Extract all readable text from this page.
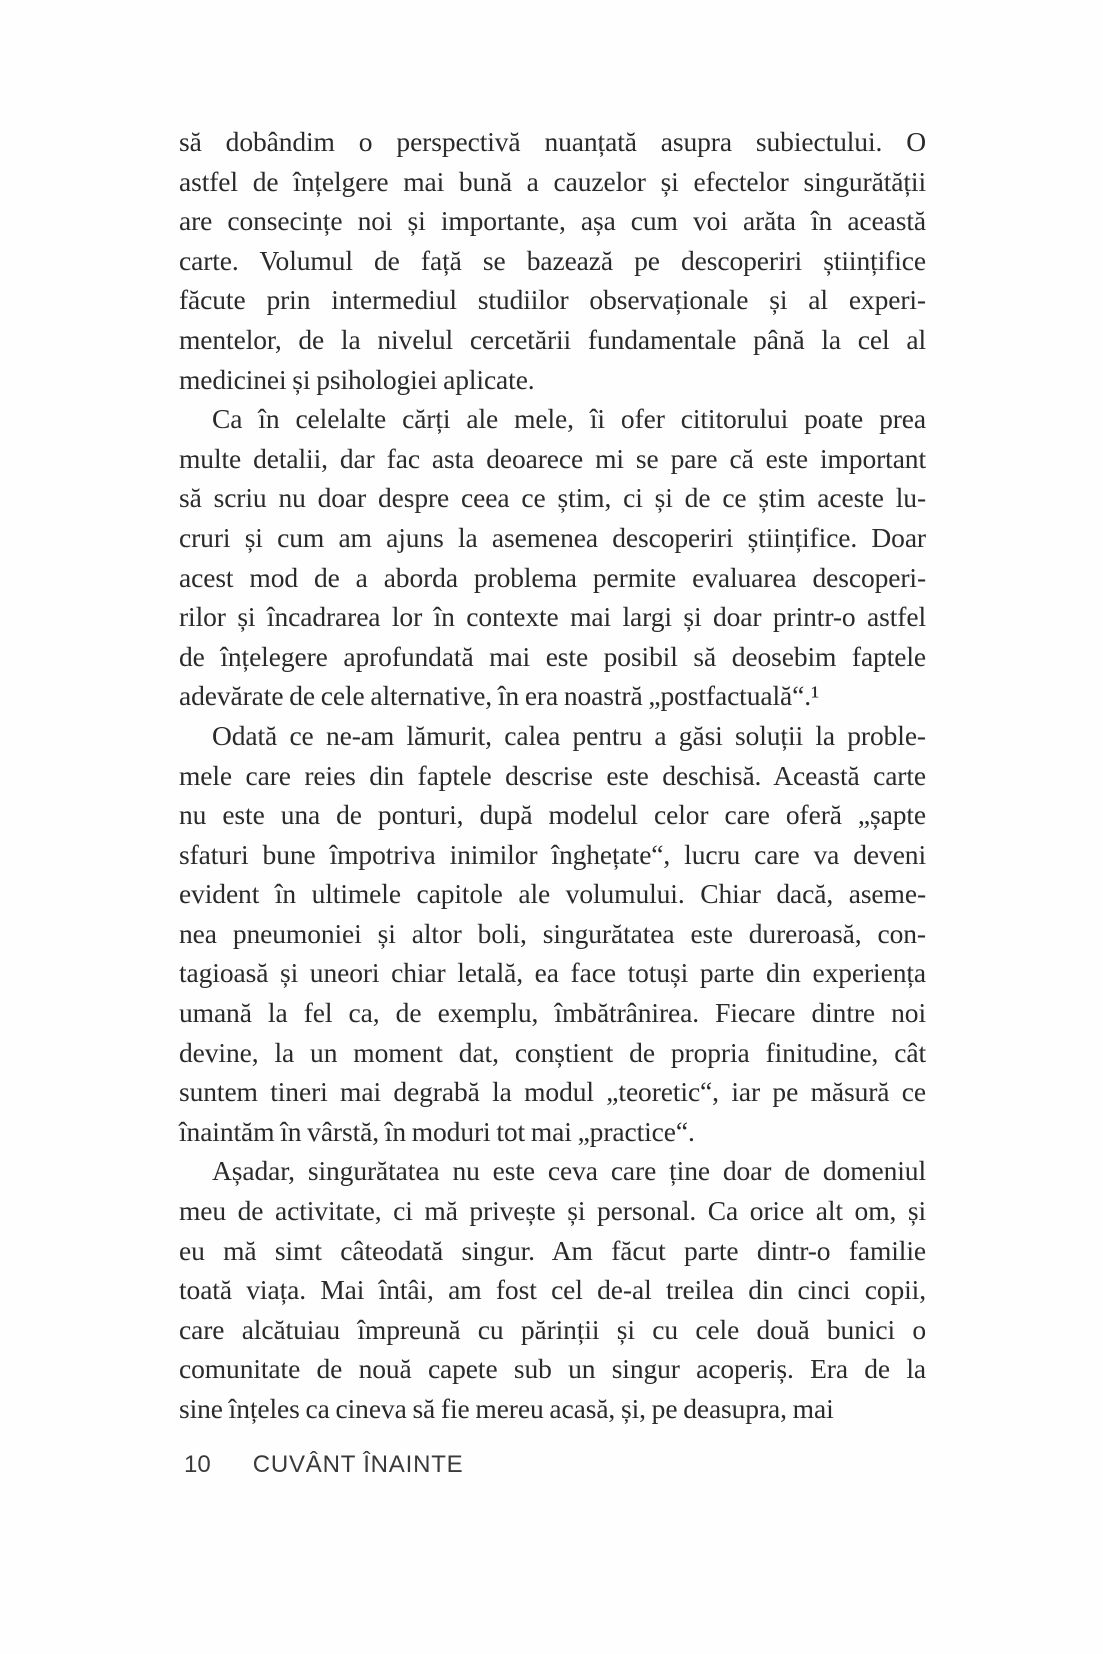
să dobândim o perspectivă nuanțată asupra subiectului. O
astfel de înțelgere mai bună a cauzelor și efectelor singurătății
are consecințe noi și importante, așa cum voi arăta în această
carte. Volumul de față se bazează pe descoperiri științifice
făcute prin intermediul studiilor observaționale și al experi-
mentelor, de la nivelul cercetării fundamentale până la cel al
medicinei și psihologiei aplicate.
Ca în celelalte cărți ale mele, îi ofer cititorului poate prea
multe detalii, dar fac asta deoarece mi se pare că este important
să scriu nu doar despre ceea ce știm, ci și de ce știm aceste lu-
cruri și cum am ajuns la asemenea descoperiri științifice. Doar
acest mod de a aborda problema permite evaluarea descoperi-
rilor și încadrarea lor în contexte mai largi și doar printr-o astfel
de înțelegere aprofundată mai este posibil să deosebim faptele
adevărate de cele alternative, în era noastră „postfactuală“.¹
Odată ce ne-am lămurit, calea pentru a găsi soluții la proble-
mele care reies din faptele descrise este deschisă. Această carte
nu este una de ponturi, după modelul celor care oferă „șapte
sfaturi bune împotriva inimilor înghețate“, lucru care va deveni
evident în ultimele capitole ale volumului. Chiar dacă, aseme-
nea pneumoniei și altor boli, singurătatea este dureroasă, con-
tagioasă și uneori chiar letală, ea face totuși parte din experiența
umană la fel ca, de exemplu, îmbătrânirea. Fiecare dintre noi
devine, la un moment dat, conștient de propria finitudine, cât
suntem tineri mai degrabă la modul „teoretic“, iar pe măsură ce
înaintăm în vârstă, în moduri tot mai „practice“.
Așadar, singurătatea nu este ceva care ține doar de domeniul
meu de activitate, ci mă privește și personal. Ca orice alt om, și
eu mă simt câteodată singur. Am făcut parte dintr-o familie
toată viața. Mai întâi, am fost cel de-al treilea din cinci copii,
care alcătuiau împreună cu părinții și cu cele două bunici o
comunitate de nouă capete sub un singur acoperiș. Era de la
sine înțeles ca cineva să fie mereu acasă, și, pe deasupra, mai
10 CUVÂNT ÎNAINTE
